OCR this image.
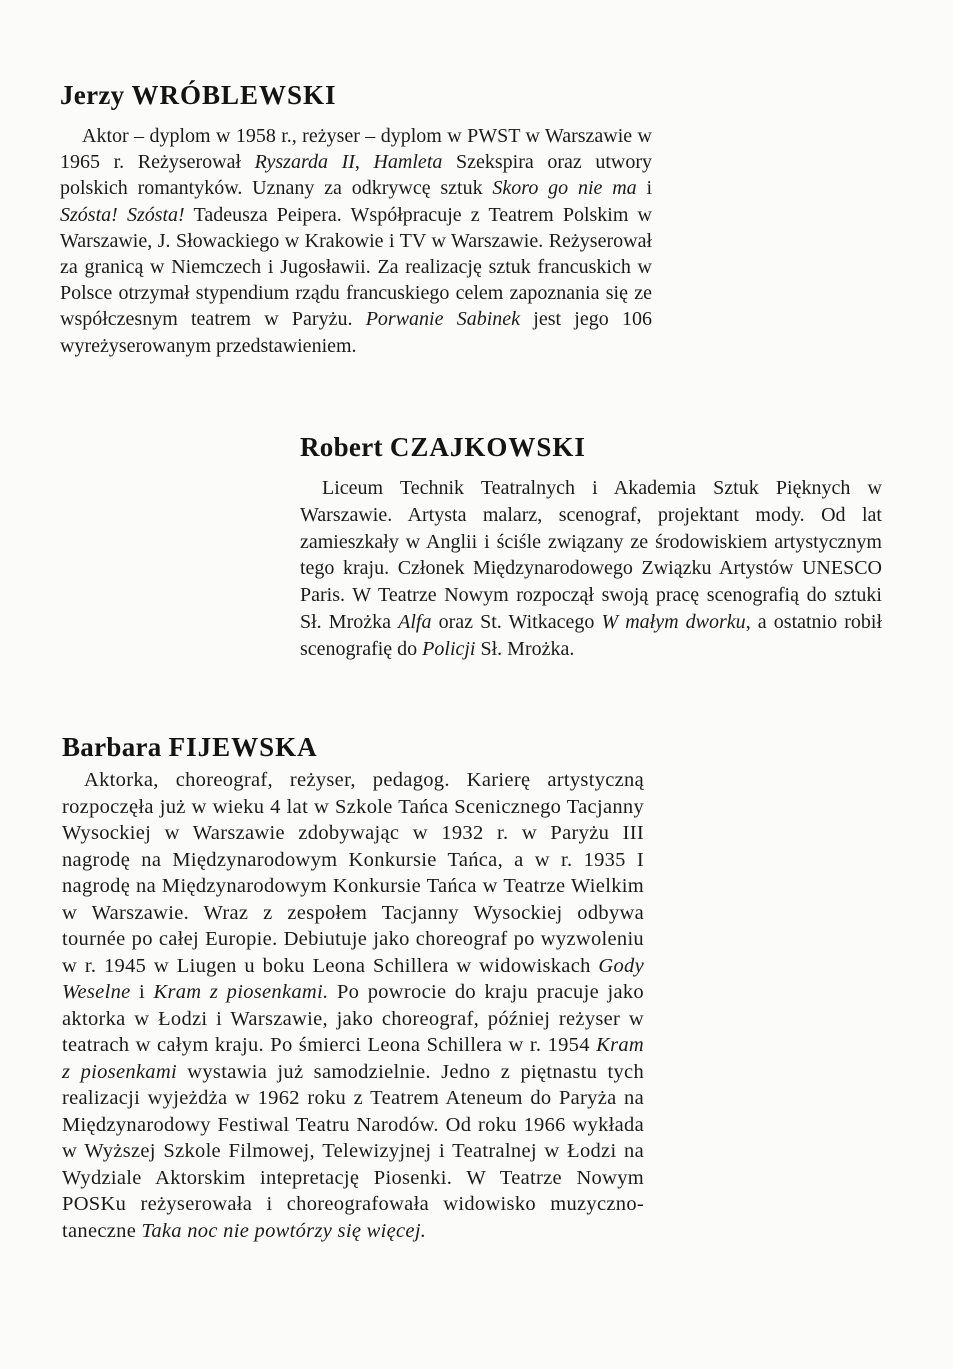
Jerzy WRÓBLEWSKI

Aktor – dyplom w 1958 r., reżyser – dyplom w PWST w Warszawie w 1965 r. Reżyserował Ryszarda II, Hamleta Szekspira oraz utwory polskich romantyków. Uznany za odkrywcę sztuk Skoro go nie ma i Szósta! Szósta! Tadeusza Peipera. Współpracuje z Teatrem Polskim w Warszawie, J. Słowackiego w Krakowie i TV w Warszawie. Reżyserował za granicą w Niemczech i Jugosławii. Za realizację sztuk francuskich w Polsce otrzymał stypendium rządu francuskiego celem zapoznania się ze współczesnym teatrem w Paryżu. Porwanie Sabinek jest jego 106 wyreżyserowanym przedstawieniem.

Robert CZAJKOWSKI

Liceum Technik Teatralnych i Akademia Sztuk Pięknych w Warszawie. Artysta malarz, scenograf, projektant mody. Od lat zamieszkały w Anglii i ściśle związany ze środowiskiem artystycznym tego kraju. Członek Międzynarodowego Związku Artystów UNESCO Paris. W Teatrze Nowym rozpoczął swoją pracę scenografią do sztuki Sł. Mrożka Alfa oraz St. Witkacego W małym dworku, a ostatnio robił scenografię do Policji Sł. Mrożka.

Barbara FIJEWSKA

Aktorka, choreograf, reżyser, pedagog. Karierę artystyczną rozpoczęła już w wieku 4 lat w Szkole Tańca Scenicznego Tacjanny Wysockiej w Warszawie zdobywając w 1932 r. w Paryżu III nagrodę na Międzynarodowym Konkursie Tańca, a w r. 1935 I nagrodę na Międzynarodowym Konkursie Tańca w Teatrze Wielkim w Warszawie. Wraz z zespołem Tacjanny Wysockiej odbywa tournée po całej Europie. Debiutuje jako choreograf po wyzwoleniu w r. 1945 w Liugen u boku Leona Schillera w widowiskach Gody Weselne i Kram z piosenkami. Po powrocie do kraju pracuje jako aktorka w Łodzi i Warszawie, jako choreograf, później reżyser w teatrach w całym kraju. Po śmierci Leona Schillera w r. 1954 Kram z piosenkami wystawia już samodzielnie. Jedno z piętnastu tych realizacji wyjeżdża w 1962 roku z Teatrem Ateneum do Paryża na Międzynarodowy Festiwal Teatru Narodów. Od roku 1966 wykłada w Wyższej Szkole Filmowej, Telewizyjnej i Teatralnej w Łodzi na Wydziale Aktorskim intepretację Piosenki. W Teatrze Nowym POSKu reżyserowała i choreografowała widowisko muzyczno-taneczne Taka noc nie powtórzy się więcej.
